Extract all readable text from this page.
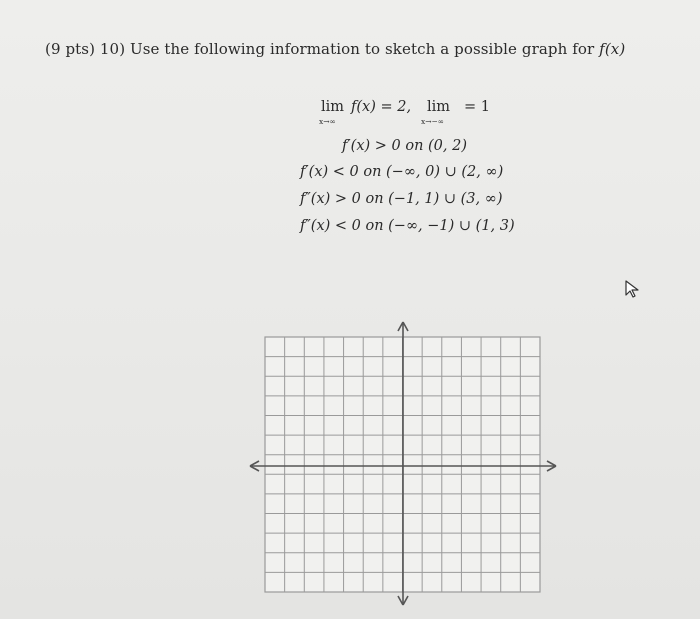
(9 pts) 10) Use the following information to sketch a possible graph for f(x)
lim
x→∞
f(x) = 2, lim
x→−∞
= 1
f′(x) > 0 on (0, 2)
f′(x) < 0 on (−∞, 0) ∪ (2, ∞)
f″(x) > 0 on (−1, 1) ∪ (3, ∞)
f″(x) < 0 on (−∞, −1) ∪ (1, 3)
